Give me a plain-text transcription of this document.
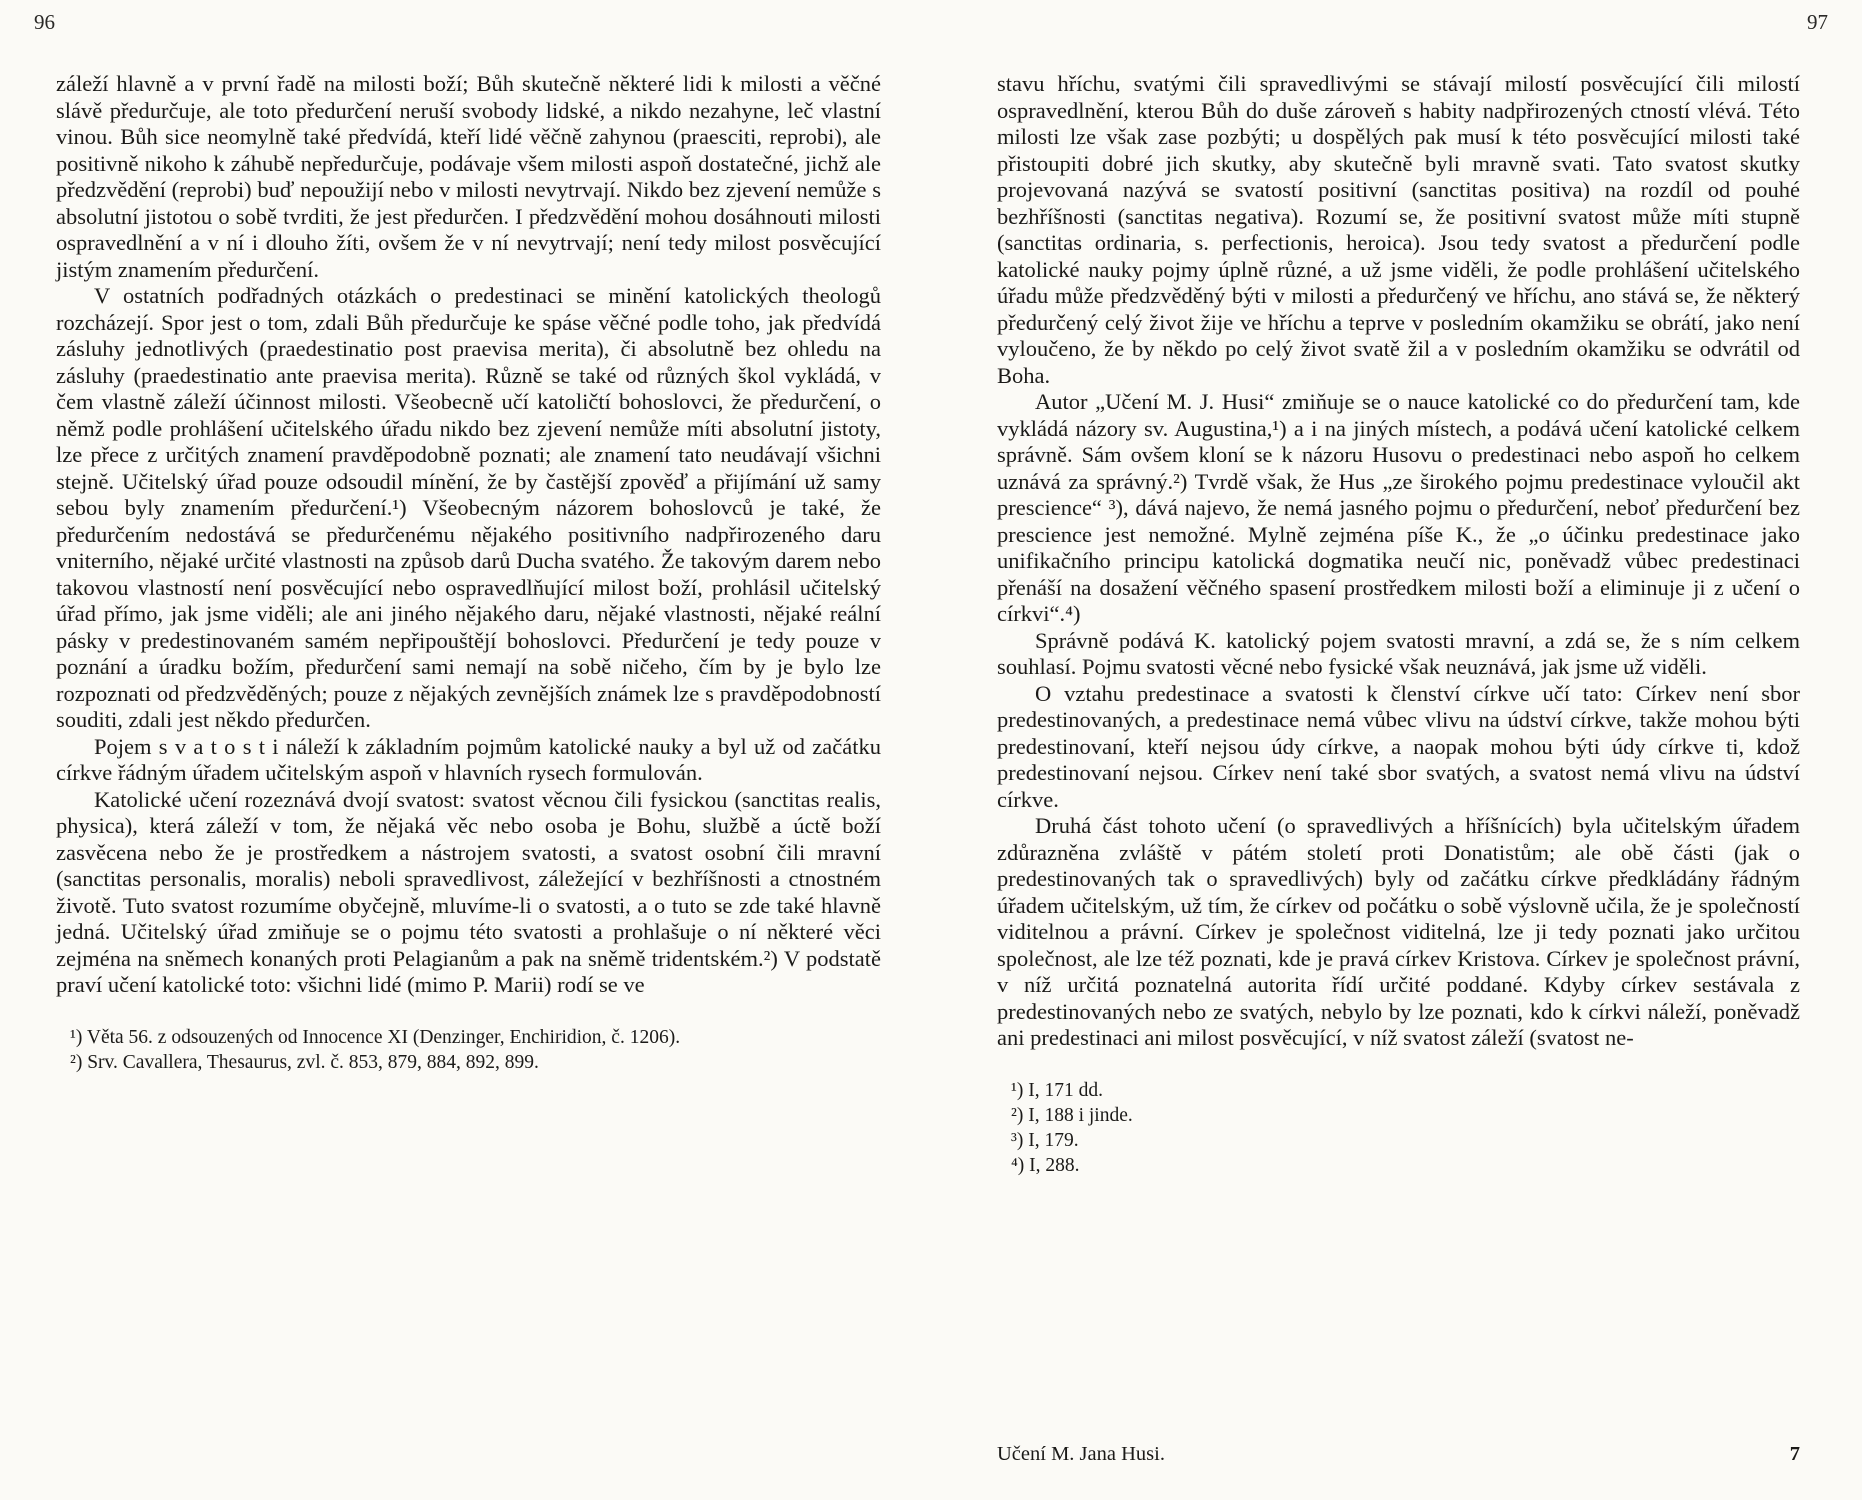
96

záleží hlavně a v první řadě na milosti boží; Bůh skutečně některé lidi k milosti a věčné slávě předurčuje, ale toto předurčení neruší svobody lidské, a nikdo nezahyne, leč vlastní vinou. Bůh sice neomylně také předvídá, kteří lidé věčně zahynou (praesciti, reprobi), ale positivně nikoho k záhubě nepředurčuje, podávaje všem milosti aspoň dostatečné, jichž ale předzvědění (reprobi) buď nepoužijí nebo v milosti nevytrvají. Nikdo bez zjevení nemůže s absolutní jistotou o sobě tvrditi, že jest předurčen. I předzvědění mohou dosáhnouti milosti ospravedlnění a v ní i dlouho žíti, ovšem že v ní nevytrvají; není tedy milost posvěcující jistým znamením předurčení.

V ostatních podřadných otázkách o predestinaci se minění katolických theologů rozcházejí. Spor jest o tom, zdali Bůh předurčuje ke spáse věčné podle toho, jak předvídá zásluhy jednotlivých (praedestinatio post praevisa merita), či absolutně bez ohledu na zásluhy (praedestinatio ante praevisa merita). Různě se také od různých škol vykládá, v čem vlastně záleží účinnost milosti. Všeobecně učí katoličtí bohoslovci, že předurčení, o němž podle prohlášení učitelského úřadu nikdo bez zjevení nemůže míti absolutní jistoty, lze přece z určitých znamení pravděpodobně poznati; ale znamení tato neudávají všichni stejně. Učitelský úřad pouze odsoudil mínění, že by častější zpověď a přijímání už samy sebou byly znamením předurčení.¹) Všeobecným názorem bohoslovců je také, že předurčením nedostává se předurčenému nějakého positivního nadpřirozeného daru vniterního, nějaké určité vlastnosti na způsob darů Ducha svatého. Že takovým darem nebo takovou vlastností není posvěcující nebo ospravedlňující milost boží, prohlásil učitelský úřad přímo, jak jsme viděli; ale ani jiného nějakého daru, nějaké vlastnosti, nějaké reální pásky v predestinovaném samém nepřipouštějí bohoslovci. Předurčení je tedy pouze v poznání a úradku božím, předurčení sami nemají na sobě ničeho, čím by je bylo lze rozpoznati od předzvěděných; pouze z nějakých zevnějších známek lze s pravděpodobností souditi, zdali jest někdo předurčen.

Pojem s v a t o s t i náleží k základním pojmům katolické nauky a byl už od začátku církve řádným úřadem učitelským aspoň v hlavních rysech formulován.

Katolické učení rozeznává dvojí svatost: svatost věcnou čili fysickou (sanctitas realis, physica), která záleží v tom, že nějaká věc nebo osoba je Bohu, službě a úctě boží zasvěcena nebo že je prostředkem a nástrojem svatosti, a svatost osobní čili mravní (sanctitas personalis, moralis) neboli spravedlivost, záležející v bezhříšnosti a ctnostném životě. Tuto svatost rozumíme obyčejně, mluvíme-li o svatosti, a o tuto se zde také hlavně jedná. Učitelský úřad zmiňuje se o pojmu této svatosti a prohlašuje o ní některé věci zejména na sněmech konaných proti Pelagianům a pak na sněmě tridentském.²) V podstatě praví učení katolické toto: všichni lidé (mimo P. Marii) rodí se ve

¹) Věta 56. z odsouzených od Innocence XI (Denzinger, Enchiridion, č. 1206).

²) Srv. Cavallera, Thesaurus, zvl. č. 853, 879, 884, 892, 899.

97

stavu hříchu, svatými čili spravedlivými se stávají milostí posvěcující čili milostí ospravedlnění, kterou Bůh do duše zároveň s habity nadpřirozených ctností vlévá. Této milosti lze však zase pozbýti; u dospělých pak musí k této posvěcující milosti také přistoupiti dobré jich skutky, aby skutečně byli mravně svati. Tato svatost skutky projevovaná nazývá se svatostí positivní (sanctitas positiva) na rozdíl od pouhé bezhříšnosti (sanctitas negativa). Rozumí se, že positivní svatost může míti stupně (sanctitas ordinaria, s. perfectionis, heroica). Jsou tedy svatost a předurčení podle katolické nauky pojmy úplně různé, a už jsme viděli, že podle prohlášení učitelského úřadu může předzvěděný býti v milosti a předurčený ve hříchu, ano stává se, že některý předurčený celý život žije ve hříchu a teprve v posledním okamžiku se obrátí, jako není vyloučeno, že by někdo po celý život svatě žil a v posledním okamžiku se odvrátil od Boha.

Autor „Učení M. J. Husi“ zmiňuje se o nauce katolické co do předurčení tam, kde vykládá názory sv. Augustina,¹) a i na jiných místech, a podává učení katolické celkem správně. Sám ovšem kloní se k názoru Husovu o predestinaci nebo aspoň ho celkem uznává za správný.²) Tvrdě však, že Hus „ze širokého pojmu predestinace vyloučil akt prescience“ ³), dává najevo, že nemá jasného pojmu o předurčení, neboť předurčení bez prescience jest nemožné. Mylně zejména píše K., že „o účinku predestinace jako unifikačního principu katolická dogmatika neučí nic, poněvadž vůbec predestinaci přenáší na dosažení věčného spasení prostředkem milosti boží a eliminuje ji z učení o církvi“.⁴)

Správně podává K. katolický pojem svatosti mravní, a zdá se, že s ním celkem souhlasí. Pojmu svatosti věcné nebo fysické však neuznává, jak jsme už viděli.

O vztahu predestinace a svatosti k členství církve učí tato: Církev není sbor predestinovaných, a predestinace nemá vůbec vlivu na údství církve, takže mohou býti predestinovaní, kteří nejsou údy církve, a naopak mohou býti údy církve ti, kdož predestinovaní nejsou. Církev není také sbor svatých, a svatost nemá vlivu na údství církve.

Druhá část tohoto učení (o spravedlivých a hříšnících) byla učitelským úřadem zdůrazněna zvláště v pátém století proti Donatistům; ale obě části (jak o predestinovaných tak o spravedlivých) byly od začátku církve předkládány řádným úřadem učitelským, už tím, že církev od počátku o sobě výslovně učila, že je společností viditelnou a právní. Církev je společnost viditelná, lze ji tedy poznati jako určitou společnost, ale lze též poznati, kde je pravá církev Kristova. Církev je společnost právní, v níž určitá poznatelná autorita řídí určité poddané. Kdyby církev sestávala z predestinovaných nebo ze svatých, nebylo by lze poznati, kdo k církvi náleží, poněvadž ani predestinaci ani milost posvěcující, v níž svatost záleží (svatost ne-

¹) I, 171 dd.

²) I, 188 i jinde.

³) I, 179.

⁴) I, 288.

Učení M. Jana Husi.	7
